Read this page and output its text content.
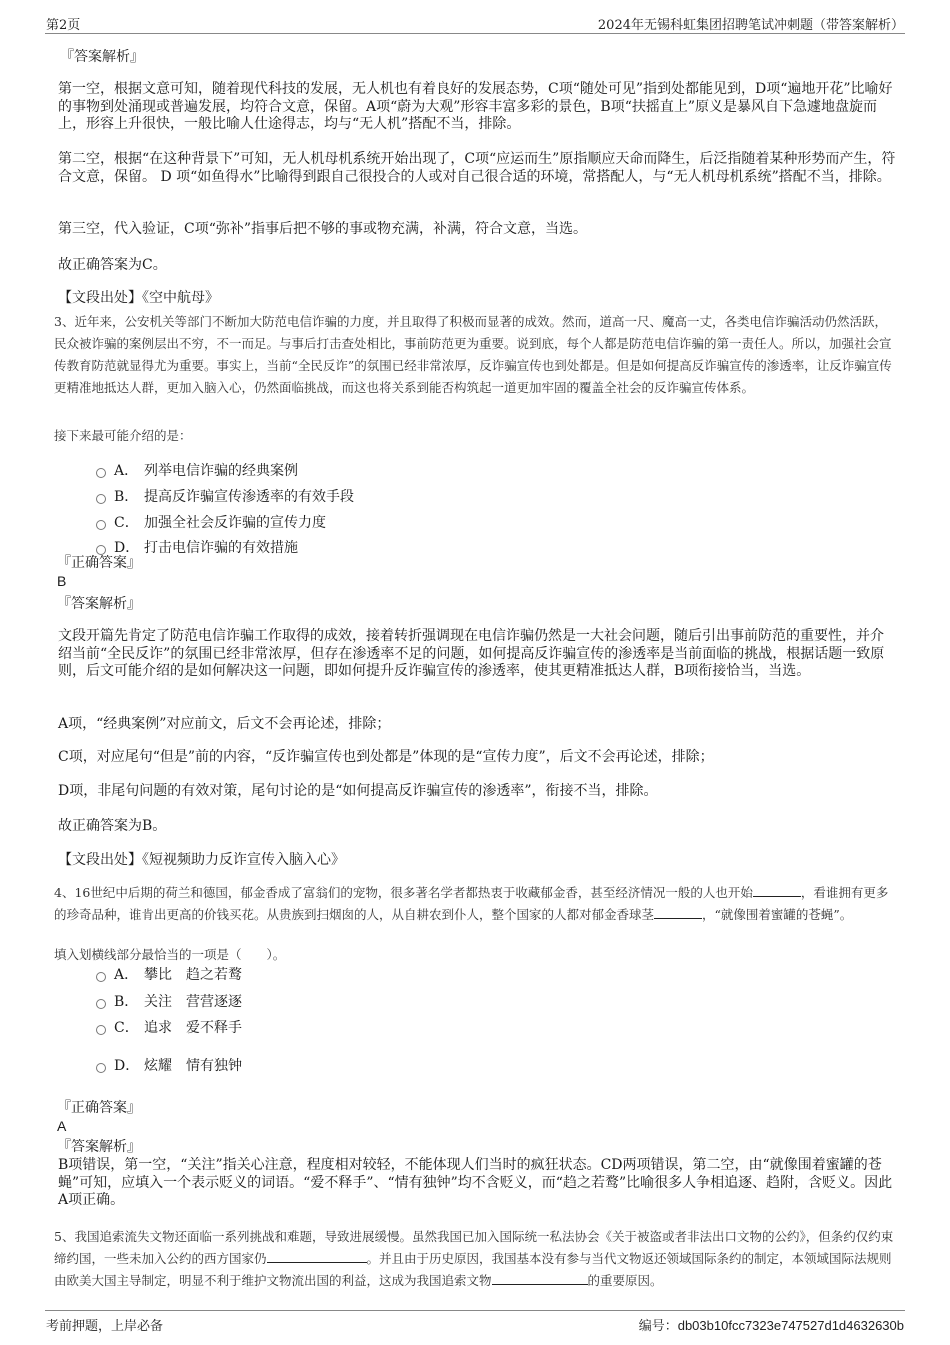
第2页	2024年无锡科虹集团招聘笔试冲刺题（带答案解析）
『答案解析』
第一空，根据文意可知，随着现代科技的发展，无人机也有着良好的发展态势，C项“随处可见”指到处都能见到，D项“遍地开花”比喻好的事物到处涌现或普遍发展，均符合文意，保留。A项“蔚为大观”形容丰富多彩的景色，B项“扶摇直上”原义是暴风自下急遽地盘旋而上，形容上升很快，一般比喻人仕途得志，均与“无人机”搭配不当，排除。
第二空，根据“在这种背景下”可知，无人机母机系统开始出现了，C项“应运而生”原指顺应天命而降生，后泛指随着某种形势而产生，符合文意，保留。 D 项“如鱼得水”比喻得到跟自己很投合的人或对自己很合适的环境，常搭配人，与“无人机母机系统”搭配不当，排除。
第三空，代入验证，C项“弥补”指事后把不够的事或物充满，补满，符合文意，当选。
故正确答案为C。
【文段出处】《空中航母》
3、近年来，公安机关等部门不断加大防范电信诈骗的力度，并且取得了积极而显著的成效。然而，道高一尺、魔高一丈，各类电信诈骗活动仍然活跃，民众被诈骗的案例层出不穷，不一而足。与事后打击查处相比，事前防范更为重要。说到底，每个人都是防范电信诈骗的第一责任人。所以，加强社会宣传教育防范就显得尤为重要。事实上，当前“全民反诈”的氛围已经非常浓厚，反诈骗宣传也到处都是。但是如何提高反诈骗宣传的渗透率，让反诈骗宣传更精准地抵达人群，更加入脑入心，仍然面临挑战，而这也将关系到能否构筑起一道更加牢固的覆盖全社会的反诈骗宣传体系。
接下来最可能介绍的是：
A． 列举电信诈骗的经典案例
B． 提高反诈骗宣传渗透率的有效手段
C． 加强全社会反诈骗的宣传力度
D． 打击电信诈骗的有效措施
『正确答案』
B
『答案解析』
文段开篇先肯定了防范电信诈骗工作取得的成效，接着转折强调现在电信诈骗仍然是一大社会问题，随后引出事前防范的重要性，并介绍当前“全民反诈”的氛围已经非常浓厚，但存在渗透率不足的问题，如何提高反诈骗宣传的渗透率是当前面临的挑战，根据话题一致原则，后文可能介绍的是如何解决这一问题，即如何提升反诈骗宣传的渗透率，使其更精准抵达人群，B项衔接恰当，当选。
A项，“经典案例”对应前文，后文不会再论述，排除；
C项，对应尾句“但是”前的内容，“反诈骗宣传也到处都是”体现的是“宣传力度”，后文不会再论述，排除；
D项，非尾句问题的有效对策，尾句讨论的是“如何提高反诈骗宣传的渗透率”，衔接不当，排除。
故正确答案为B。
【文段出处】《短视频助力反诈宣传入脑入心》
4、16世纪中后期的荷兰和德国，郁金香成了富翁们的宠物，很多著名学者都热衷于收藏郁金香，甚至经济情况一般的人也开始	，看谁拥有更多的珍奇品种，谁肯出更高的价钱买花。从贵族到扫烟囱的人，从自耕农到仆人，整个国家的人都对郁金香球茎	，“就像围着蜜罐的苍蝇”。
填入划横线部分最恰当的一项是（　　）。
A． 攀比　趋之若鹜
B． 关注　营营逐逐
C． 追求　爱不释手
D． 炫耀　情有独钟
『正确答案』
A
『答案解析』
B项错误，第一空，“关注”指关心注意，程度相对较轻，不能体现人们当时的疯狂状态。CD两项错误，第二空，由“就像围着蜜罐的苍蝇”可知，应填入一个表示贬义的词语。“爱不释手”、“情有独钟”均不含贬义，而“趋之若鹜”比喻很多人争相追逐、趋附，含贬义。因此A项正确。
5、我国追索流失文物还面临一系列挑战和难题，导致进展缓慢。虽然我国已加入国际统一私法协会《关于被盗或者非法出口文物的公约》，但条约仅约束缔约国，一些未加入公约的西方国家仍	。并且由于历史原因，我国基本没有参与当代文物返还领域国际条约的制定，本领域国际法规则由欧美大国主导制定，明显不利于维护文物流出国的利益，这成为我国追索文物	的重要原因。
考前押题，上岸必备	编号：db03b10fcc7323e747527d1d4632630b
